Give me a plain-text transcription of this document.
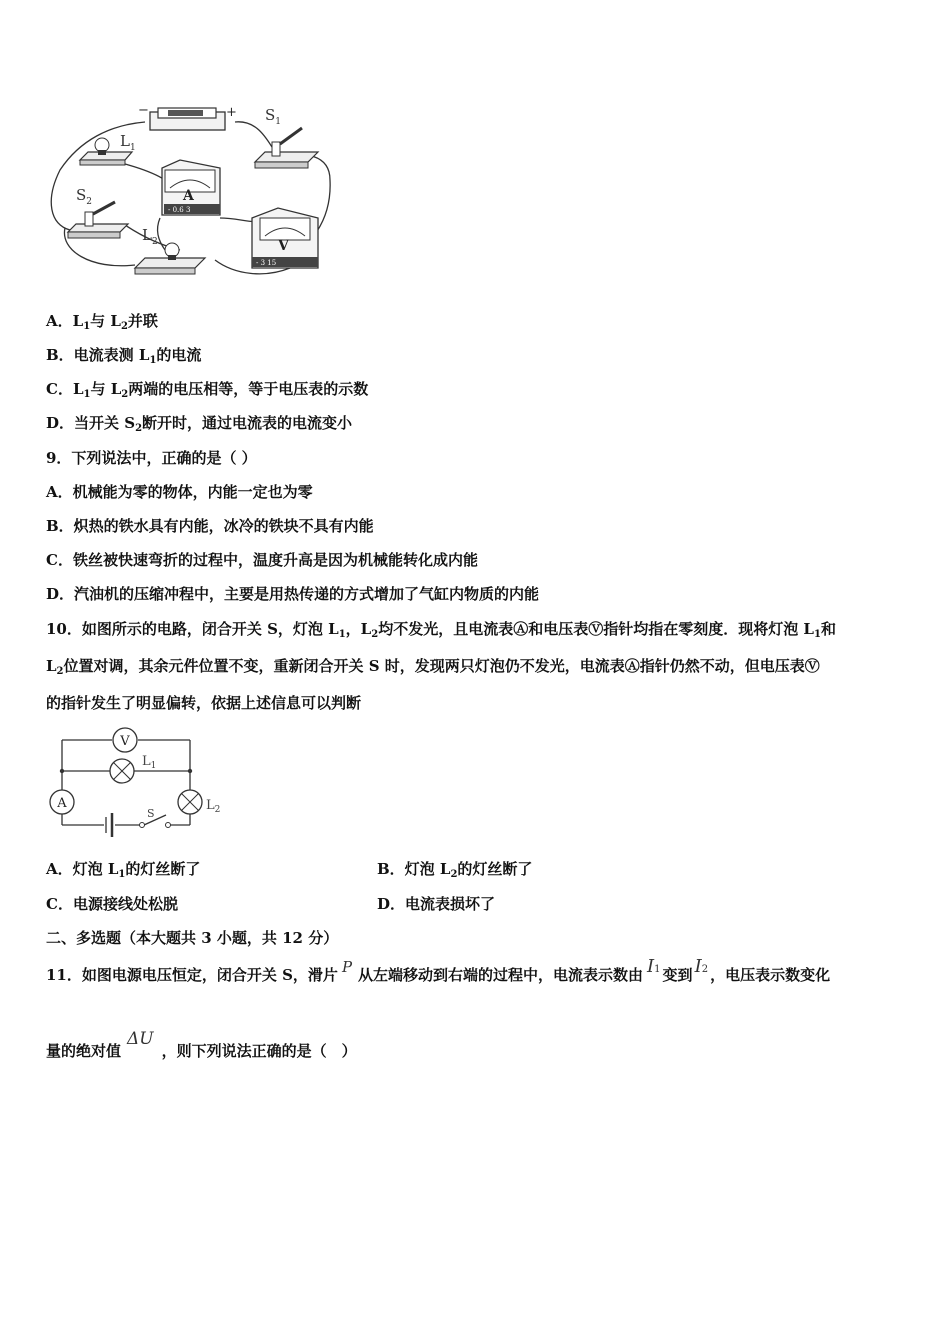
−	+ $S_1$
$L_1$
A
- 0.6 3
$S_2$
$L_2$	V
- 3 15
A．$L_1$与 $L_2$并联
B．电流表测 $L_1$的电流
C．$L_1$与 $L_2$两端的电压相等，等于电压表的示数
D．当开关 $S_2$断开时，通过电流表的电流变小
9．下列说法中，正确的是（ ）
A．机械能为零的物体，内能一定也为零
B．炽热的铁水具有内能，冰冷的铁块不具有内能
C．铁丝被快速弯折的过程中，温度升高是因为机械能转化成内能
D．汽油机的压缩冲程中，主要是用热传递的方式增加了气缸内物质的内能
10．如图所示的电路，闭合开关 S，灯泡 $L_1$，$L_2$均不发光，且电流表Ⓐ和电压表Ⓥ指针均指在零刻度．现将灯泡 $L_1$和
$L_2$位置对调，其余元件位置不变，重新闭合开关 S 时，发现两只灯泡仍不发光，电流表Ⓐ指针仍然不动，但电压表Ⓥ
的指针发生了明显偏转，依据上述信息可以判断
V
$L_1$
A	$L_2$
S
A．灯泡 $L_1$的灯丝断了	B．灯泡 $L_2$的灯丝断了
C．电源接线处松脱	D．电流表损坏了
二、多选题（本大题共 3 小题，共 12 分）
11．如图电源电压恒定，闭合开关 S，滑片 P 从左端移动到右端的过程中，电流表示数由 I1 变到 I2 ，电压表示数变化
量的绝对值ΔU，则下列说法正确的是（　）
